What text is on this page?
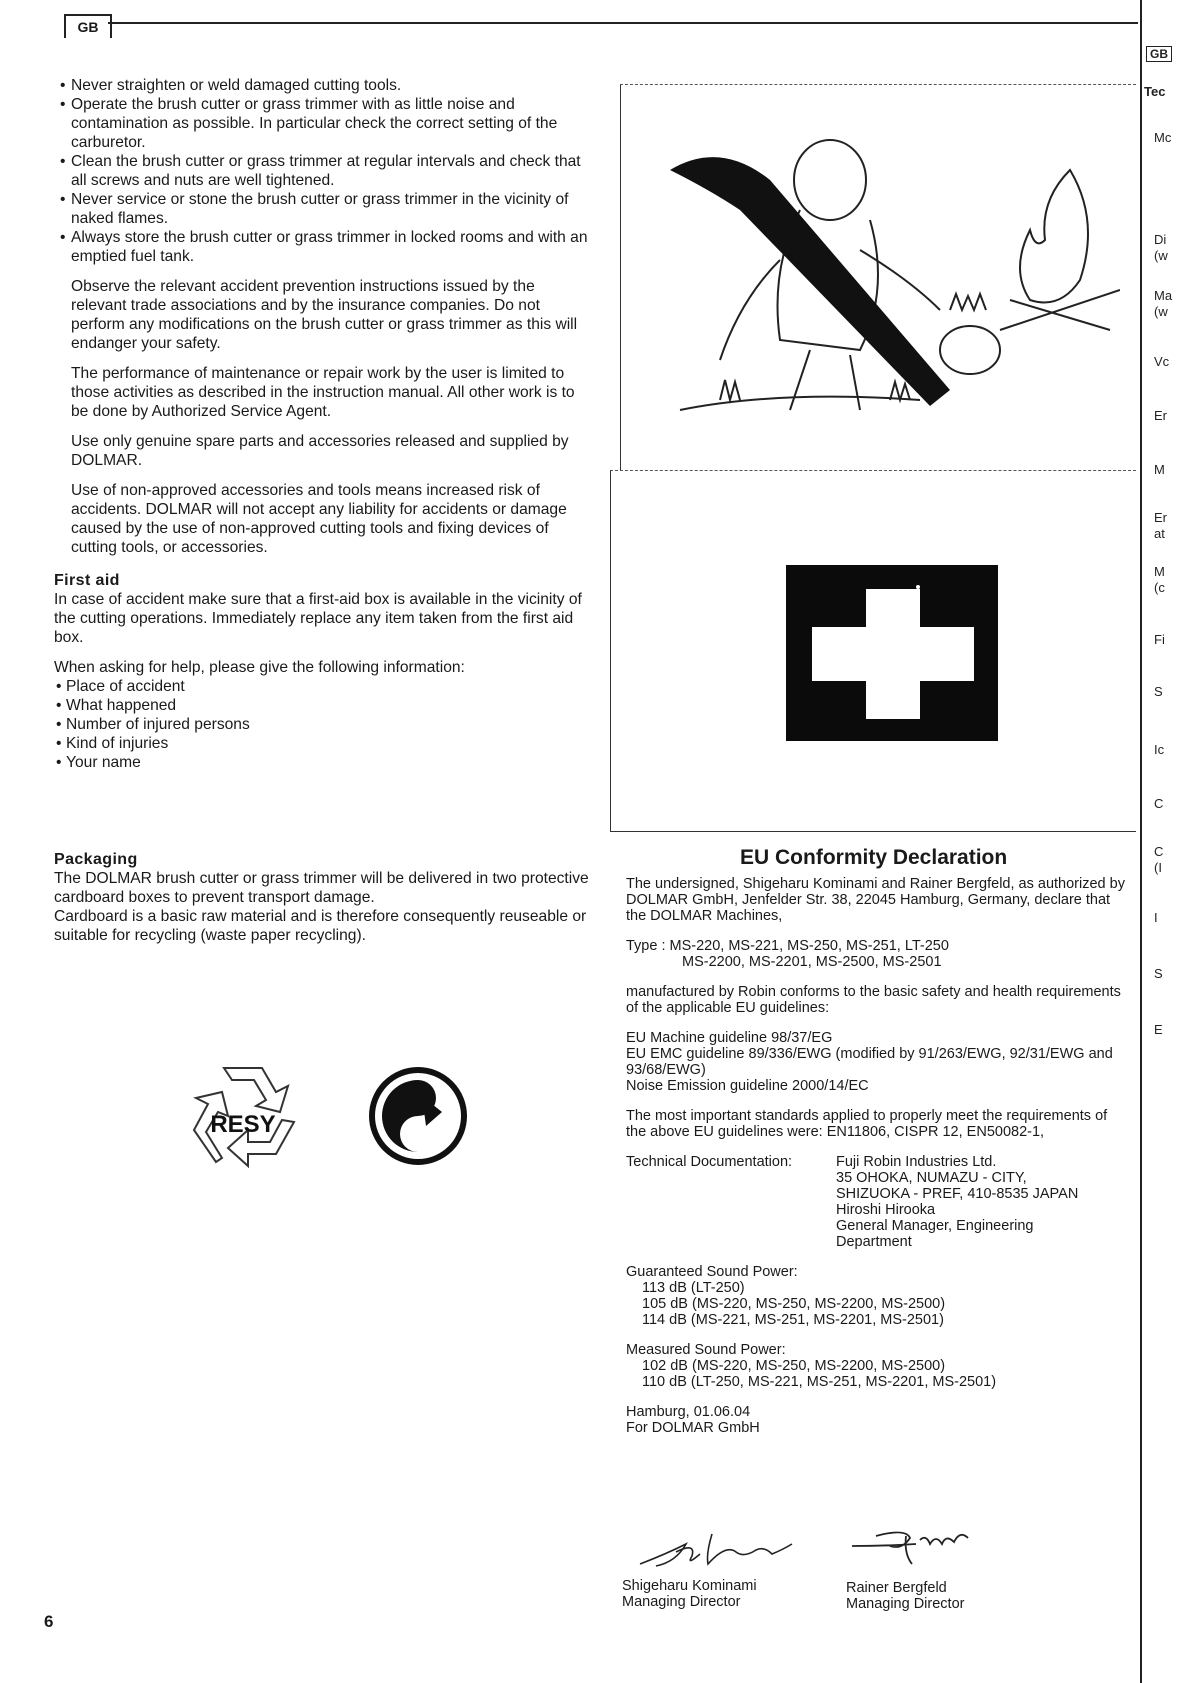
GB
• Never straighten or weld damaged cutting tools.
• Operate the brush cutter or grass trimmer with as little noise and contamination as possible. In particular check the correct setting of the carburetor.
• Clean the brush cutter or grass trimmer at regular intervals and check that all screws and nuts are well tightened.
• Never service or stone the brush cutter or grass trimmer in the vicinity of naked flames.
• Always store the brush cutter or grass trimmer in locked rooms and with an emptied fuel tank.

Observe the relevant accident prevention instructions issued by the relevant trade associations and by the insurance companies. Do not perform any modifications on the brush cutter or grass trimmer as this will endanger your safety.

The performance of maintenance or repair work by the user is limited to those activities as described in the instruction manual. All other work is to be done by Authorized Service Agent.

Use only genuine spare parts and accessories released and supplied by DOLMAR.

Use of non-approved accessories and tools means increased risk of accidents. DOLMAR will not accept any liability for accidents or damage caused by the use of non-approved cutting tools and fixing devices of cutting tools, or accessories.

First aid

In case of accident make sure that a first-aid box is available in the vicinity of the cutting operations. Immediately replace any item taken from the first aid box.

When asking for help, please give the following information:

• Place of accident
• What happened
• Number of injured persons
• Kind of injuries
• Your name

Packaging

The DOLMAR brush cutter or grass trimmer will be delivered in two protective cardboard boxes to prevent transport damage.

Cardboard is a basic raw material and is therefore consequently reuseable or suitable for recycling (waste paper recycling).

RESY
EU Conformity Declaration

The undersigned, Shigeharu Kominami and Rainer Bergfeld, as authorized by DOLMAR GmbH, Jenfelder Str. 38, 22045 Hamburg, Germany, declare that the DOLMAR Machines,

Type : MS-220, MS-221, MS-250, MS-251, LT-250

MS-2200, MS-2201, MS-2500, MS-2501

manufactured by Robin conforms to the basic safety and health requirements of the applicable EU guidelines:

EU Machine guideline 98/37/EG

EU EMC guideline 89/336/EWG (modified by 91/263/EWG, 92/31/EWG and 93/68/EWG)

Noise Emission guideline 2000/14/EC

The most important standards applied to properly meet the requirements of the above EU guidelines were: EN11806, CISPR 12, EN50082-1,

Technical Documentation:	Fuji Robin Industries Ltd.
35 OHOKA, NUMAZU - CITY,
SHIZUOKA - PREF, 410-8535 JAPAN
Hiroshi Hirooka
General Manager, Engineering
Department

Guaranteed Sound Power:

113 dB (LT-250)

105 dB (MS-220, MS-250, MS-2200, MS-2500)

114 dB (MS-221, MS-251, MS-2201, MS-2501)

Measured Sound Power:

102 dB (MS-220, MS-250, MS-2200, MS-2500)

110 dB (LT-250, MS-221, MS-251, MS-2201, MS-2501)

Hamburg, 01.06.04

For DOLMAR GmbH

Shigeharu Kominami
Managing Director
Rainer Bergfeld
Managing Director
6
GB
Tec
Mc
Di
(w
Ma
(w
Vc
Er
M
Er
at
M
(c
Fi
S
Ic
C
C
(I
I
S
E
